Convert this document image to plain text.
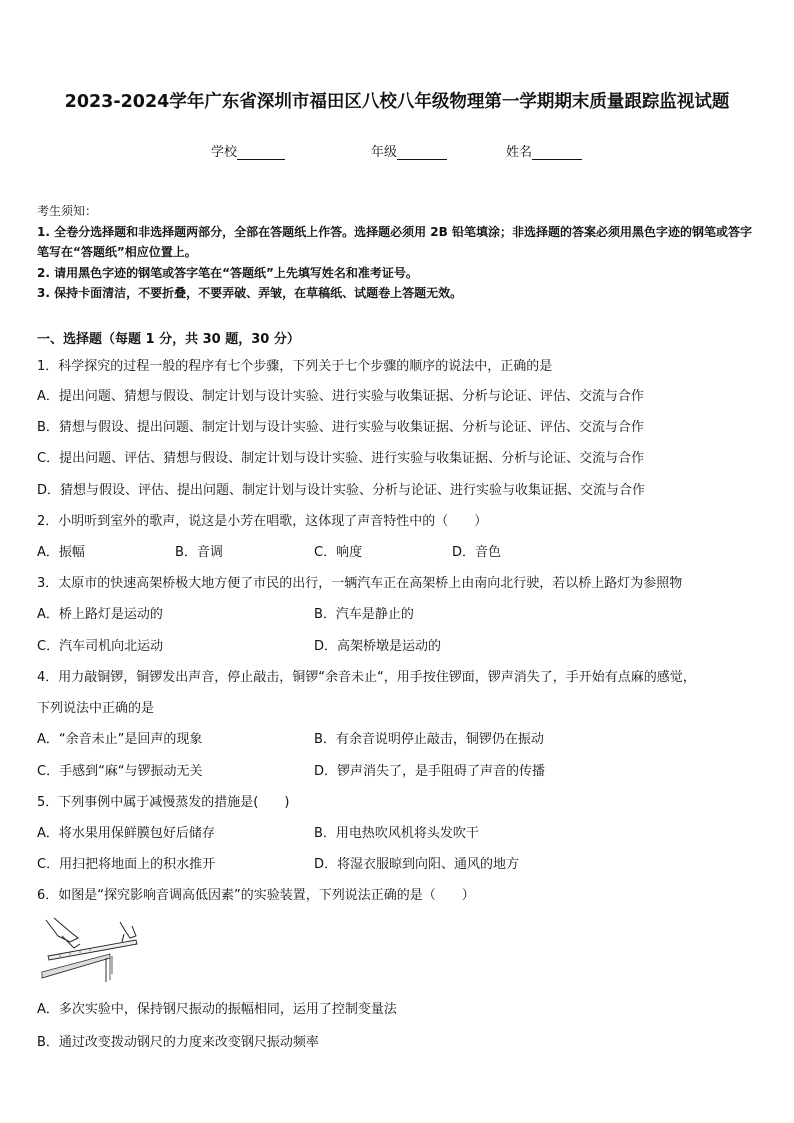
2023-2024学年广东省深圳市福田区八校八年级物理第一学期期末质量跟踪监视试题
学校	年级	姓名
考生须知：
1. 全卷分选择题和非选择题两部分，全部在答题纸上作答。选择题必须用 2B 铅笔填涂；非选择题的答案必须用黑色字迹的钢笔或答字笔写在“答题纸”相应位置上。
2. 请用黑色字迹的钢笔或答字笔在“答题纸”上先填写姓名和准考证号。
3. 保持卡面清洁，不要折叠，不要弄破、弄皱，在草稿纸、试题卷上答题无效。
一、选择题（每题 1 分，共 30 题，30 分）
1．科学探究的过程一般的程序有七个步骤，下列关于七个步骤的顺序的说法中，正确的是
A．提出问题、猜想与假设、制定计划与设计实验、进行实验与收集证据、分析与论证、评估、交流与合作
B．猜想与假设、提出问题、制定计划与设计实验、进行实验与收集证据、分析与论证、评估、交流与合作
C．提出问题、评估、猜想与假设、制定计划与设计实验、进行实验与收集证据、分析与论证、交流与合作
D．猜想与假设、评估、提出问题、制定计划与设计实验、分析与论证、进行实验与收集证据、交流与合作
2．小明听到室外的歌声，说这是小芳在唱歌，这体现了声音特性中的（　　）
A．振幅	B．音调	C．响度	D．音色
3．太原市的快速高架桥极大地方便了市民的出行，一辆汽车正在高架桥上由南向北行驶，若以桥上路灯为参照物
A．桥上路灯是运动的	B．汽车是静止的
C．汽车司机向北运动	D．高架桥墩是运动的
4．用力敲铜锣，铜锣发出声音，停止敲击，铜锣“余音未止“，用手按住锣面，锣声消失了，手开始有点麻的感觉，
下列说法中正确的是
A．“余音未止”是回声的现象	B．有余音说明停止敲击，铜锣仍在振动
C．手感到“麻“与锣振动无关	D．锣声消失了，是手阻碍了声音的传播
5．下列事例中属于减慢蒸发的措施是(　　)
A．将水果用保鲜膜包好后储存	B．用电热吹风机将头发吹干
C．用扫把将地面上的积水推开	D．将湿衣服晾到向阳、通风的地方
6．如图是“探究影响音调高低因素”的实验装置，下列说法正确的是（　　）
A．多次实验中，保持钢尺振动的振幅相同，运用了控制变量法
B．通过改变拨动钢尺的力度来改变钢尺振动频率
